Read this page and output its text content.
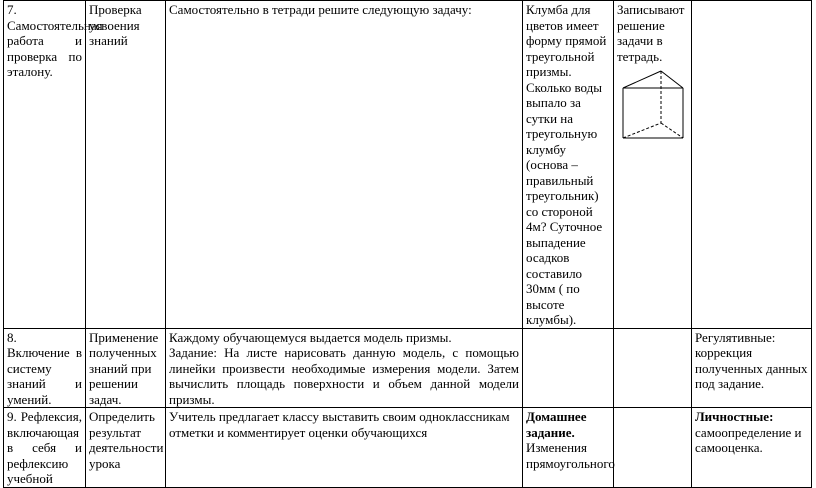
7. Самостоятельная работа и проверка по эталону.	Проверка усвоения знаний	Самостоятельно в тетради решите следующую задачу:	Клумба для цветов имеет форму прямой треугольной призмы. Сколько воды выпало за сутки на треугольную клумбу (основа – правильный треугольник) со стороной 4м? Суточное выпадение осадков составило 30мм ( по высоте клумбы).	Записывают решение задачи в тетрадь.

8. Включение в систему знаний и умений.	Применение полученных знаний при решении задач.	Каждому обучающемуся выдается модель призмы.
Задание: На листе нарисовать данную модель, с помощью линейки произвести необходимые измерения модели. Затем вычислить площадь поверхности и объем данной модели призмы.			Регулятивные: коррекция полученных данных под задание.
9. Рефлексия, включающая в себя и рефлексию учебной	Определить результат деятельности урока	Учитель предлагает классу выставить своим одноклассникам отметки и комментирует оценки обучающихся	Домашнее задание. Изменения прямоугольного		Личностные: самоопределение и самооценка.
